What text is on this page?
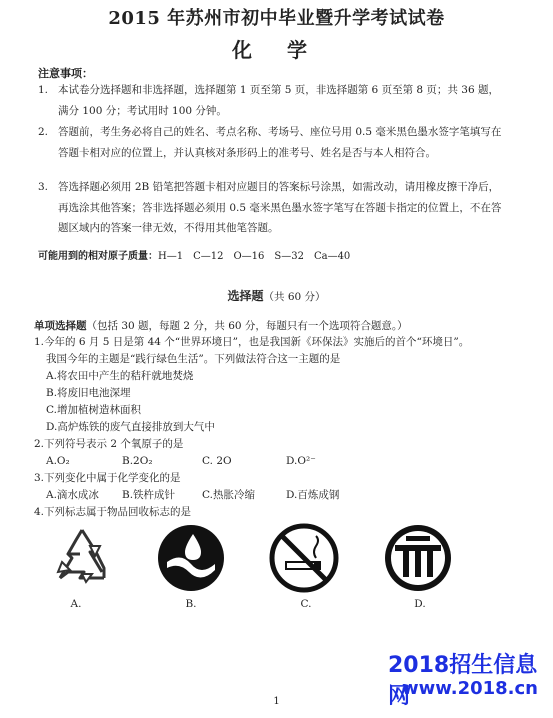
2015 年苏州市初中毕业暨升学考试试卷
化 学
注意事项：
1. 本试卷分选择题和非选择题，选择题第 1 页至第 5 页，非选择题第 6 页至第 8 页；共 36 题，满分 100 分；考试用时 100 分钟。
2. 答题前，考生务必将自己的姓名、考点名称、考场号、座位号用 0.5 毫米黑色墨水签字笔填写在答题卡相对应的位置上，并认真核对条形码上的准考号、姓名是否与本人相符合。
3. 答选择题必须用 2B 铅笔把答题卡相对应题目的答案标号涂黑，如需改动，请用橡皮擦干净后，再选涂其他答案；答非选择题必须用 0.5 毫米黑色墨水签字笔写在答题卡指定的位置上，不在答题区域内的答案一律无效，不得用其他笔答题。
可能用到的相对原子质量：H—1　C—12　O—16　S—32　Ca—40
选择题（共 60 分）
单项选择题（包括 30 题，每题 2 分，共 60 分，每题只有一个选项符合题意。）
1.今年的 6 月 5 日是第 44 个“世界环境日”，也是我国新《环保法》实施后的首个“环境日”。
我国今年的主题是“践行绿色生活”。下列做法符合这一主题的是
A.将农田中产生的秸秆就地焚烧
B.将废旧电池深埋
C.增加植树造林面积
D.高炉炼铁的废气直接排放到大气中
2.下列符号表示 2 个氧原子的是
A.O₂	B.2O₂	C. 2O	D.O²⁻
3.下列变化中属于化学变化的是
A.滴水成冰 B.铁杵成针	C.热胀冷缩	D.百炼成钢
4.下列标志属于物品回收标志的是
A.	B.	C.	D.
1
2018招生信息网
www.2018.cn
